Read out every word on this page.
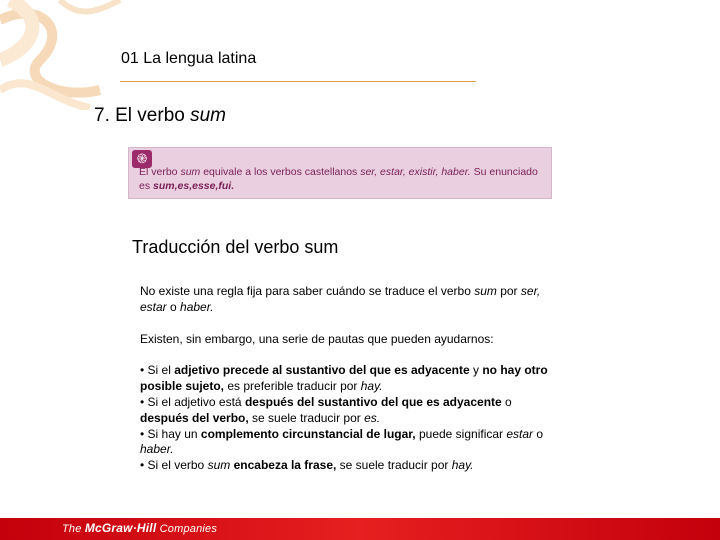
01 La lengua latina
7. El verbo sum
֎
El verbo sum equivale a los verbos castellanos ser, estar, existir, haber. Su enunciado
es sum,es,esse,fui.
Traducción del verbo sum

No existe una regla fija para saber cuándo se traduce el verbo sum por ser, estar o haber.

Existen, sin embargo, una serie de pautas que pueden ayudarnos:

• Si el adjetivo precede al sustantivo del que es adyacente y no hay otro posible sujeto, es preferible traducir por hay.

• Si el adjetivo está después del sustantivo del que es adyacente o después del verbo, se suele traducir por es.

• Si hay un complemento circunstancial de lugar, puede significar estar o haber.

• Si el verbo sum encabeza la frase, se suele traducir por hay.

The McGraw·Hill Companies
